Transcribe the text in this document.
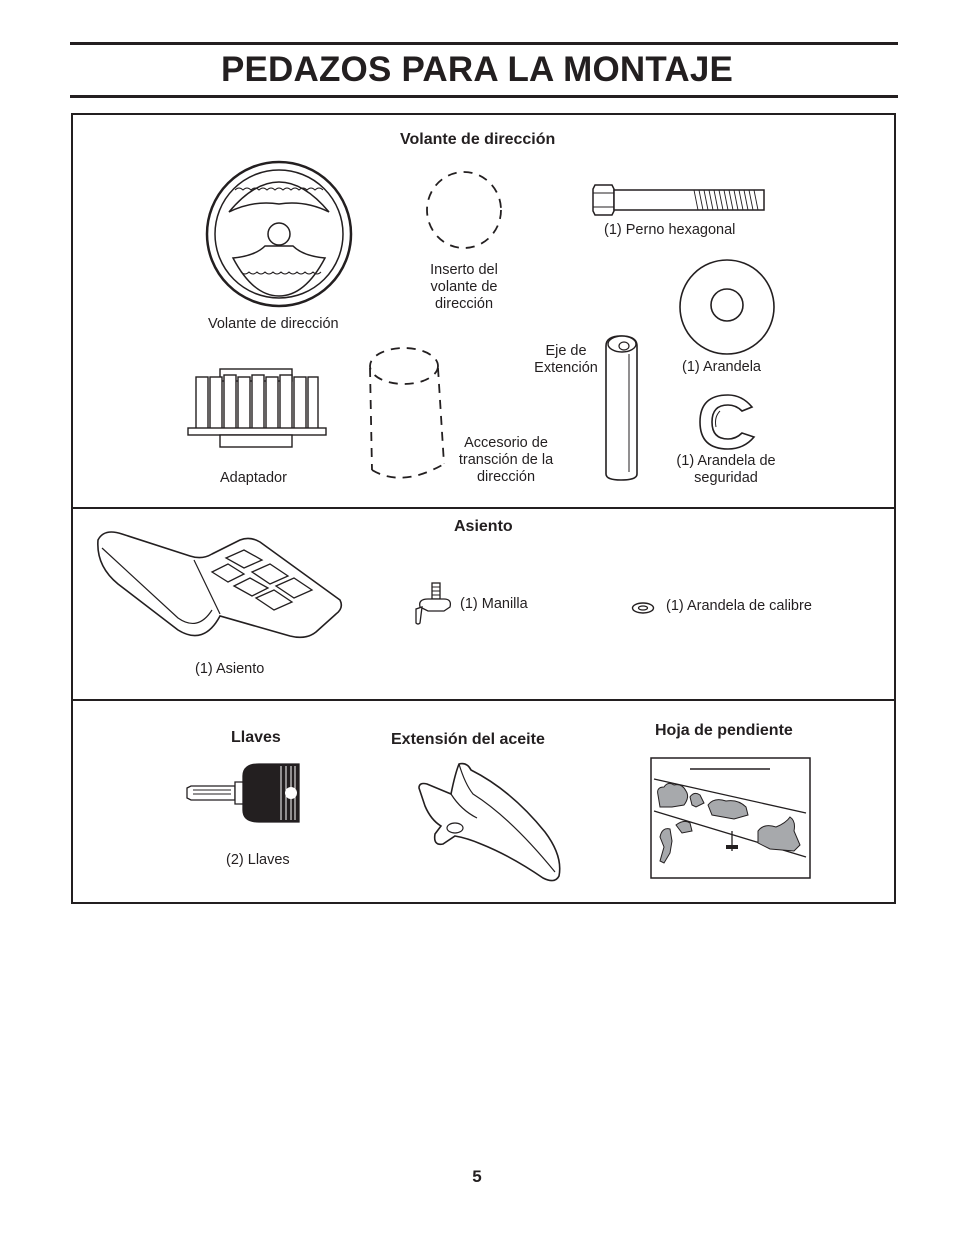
PEDAZOS PARA LA MONTAJE
Volante de dirección
Volante de dirección
Inserto del
volante de
dirección
(1) Perno hexagonal
(1) Arandela
Eje de
Extención
(1) Arandela de
seguridad
Adaptador
Accesorio de
transción de la
dirección
Asiento
(1) Asiento
(1) Manilla	(1) Arandela de calibre
Llaves
(2) Llaves
Extensión del aceite
Hoja de pendiente
5
